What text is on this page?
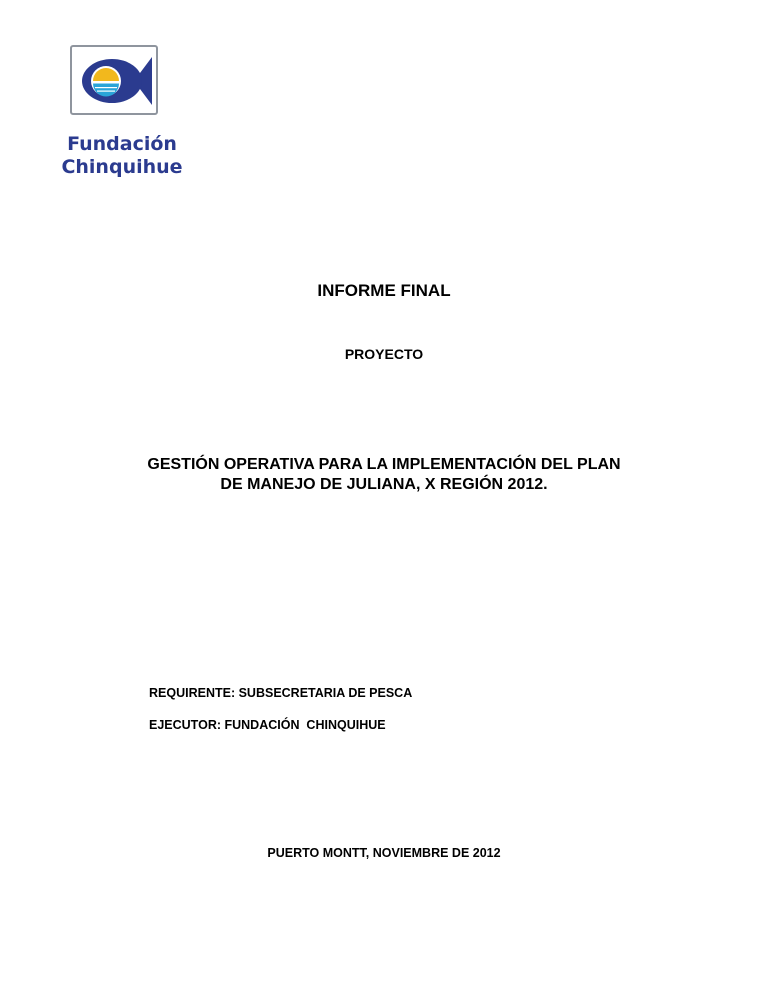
Fundación
Chinquihue
INFORME FINAL
PROYECTO
GESTIÓN OPERATIVA PARA LA IMPLEMENTACIÓN DEL PLAN
DE MANEJO DE JULIANA, X REGIÓN 2012.
REQUIRENTE: SUBSECRETARIA DE PESCA
EJECUTOR: FUNDACIÓN  CHINQUIHUE
PUERTO MONTT, NOVIEMBRE DE 2012
